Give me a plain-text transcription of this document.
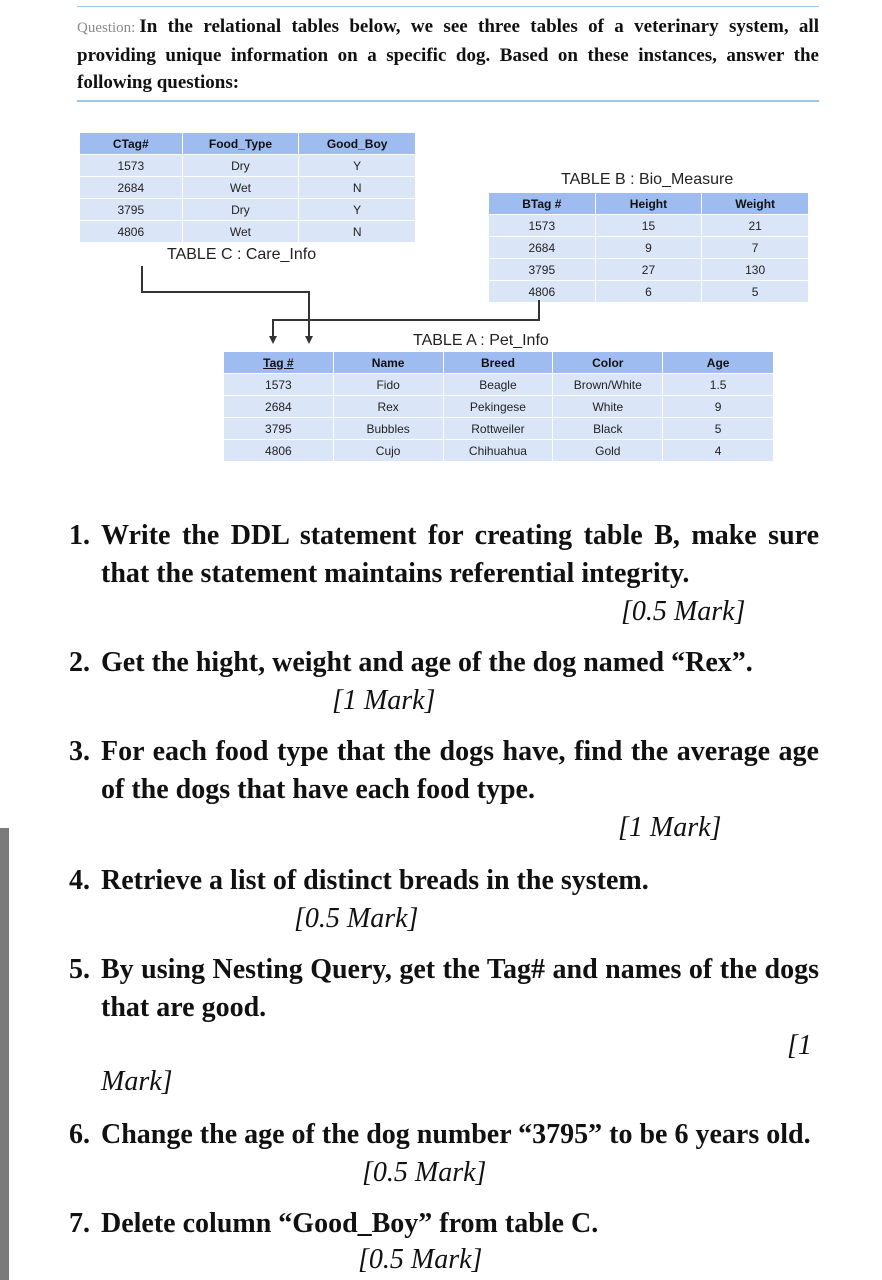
Question: In the relational tables below, we see three tables of a veterinary system, all providing unique information on a specific dog. Based on these instances, answer the following questions:
CTag#	Food_Type	Good_Boy
1573	Dry	Y
2684	Wet	N
3795	Dry	Y
4806	Wet	N
TABLE C : Care_Info
TABLE B : Bio_Measure
BTag #	Height	Weight
1573	15	21
2684	9	7
3795	27	130
4806	6	5
TABLE A : Pet_Info
Tag #	Name	Breed	Color	Age
1573	Fido	Beagle	Brown/White	1.5
2684	Rex	Pekingese	White	9
3795	Bubbles	Rottweiler	Black	5
4806	Cujo	Chihuahua	Gold	4
1. Write the DDL statement for creating table B, make sure that the statement maintains referential integrity.
[0.5 Mark]
2. Get the hight, weight and age of the dog named “Rex”.
[1 Mark]
3. For each food type that the dogs have, find the average age of the dogs that have each food type.
[1 Mark]
4. Retrieve a list of distinct breads in the system.
[0.5 Mark]
5. By using Nesting Query, get the Tag# and names of the dogs that are good.
[1
Mark]
6. Change the age of the dog number “3795” to be 6 years old.
[0.5 Mark]
7. Delete column “Good_Boy” from table C.
[0.5 Mark]
